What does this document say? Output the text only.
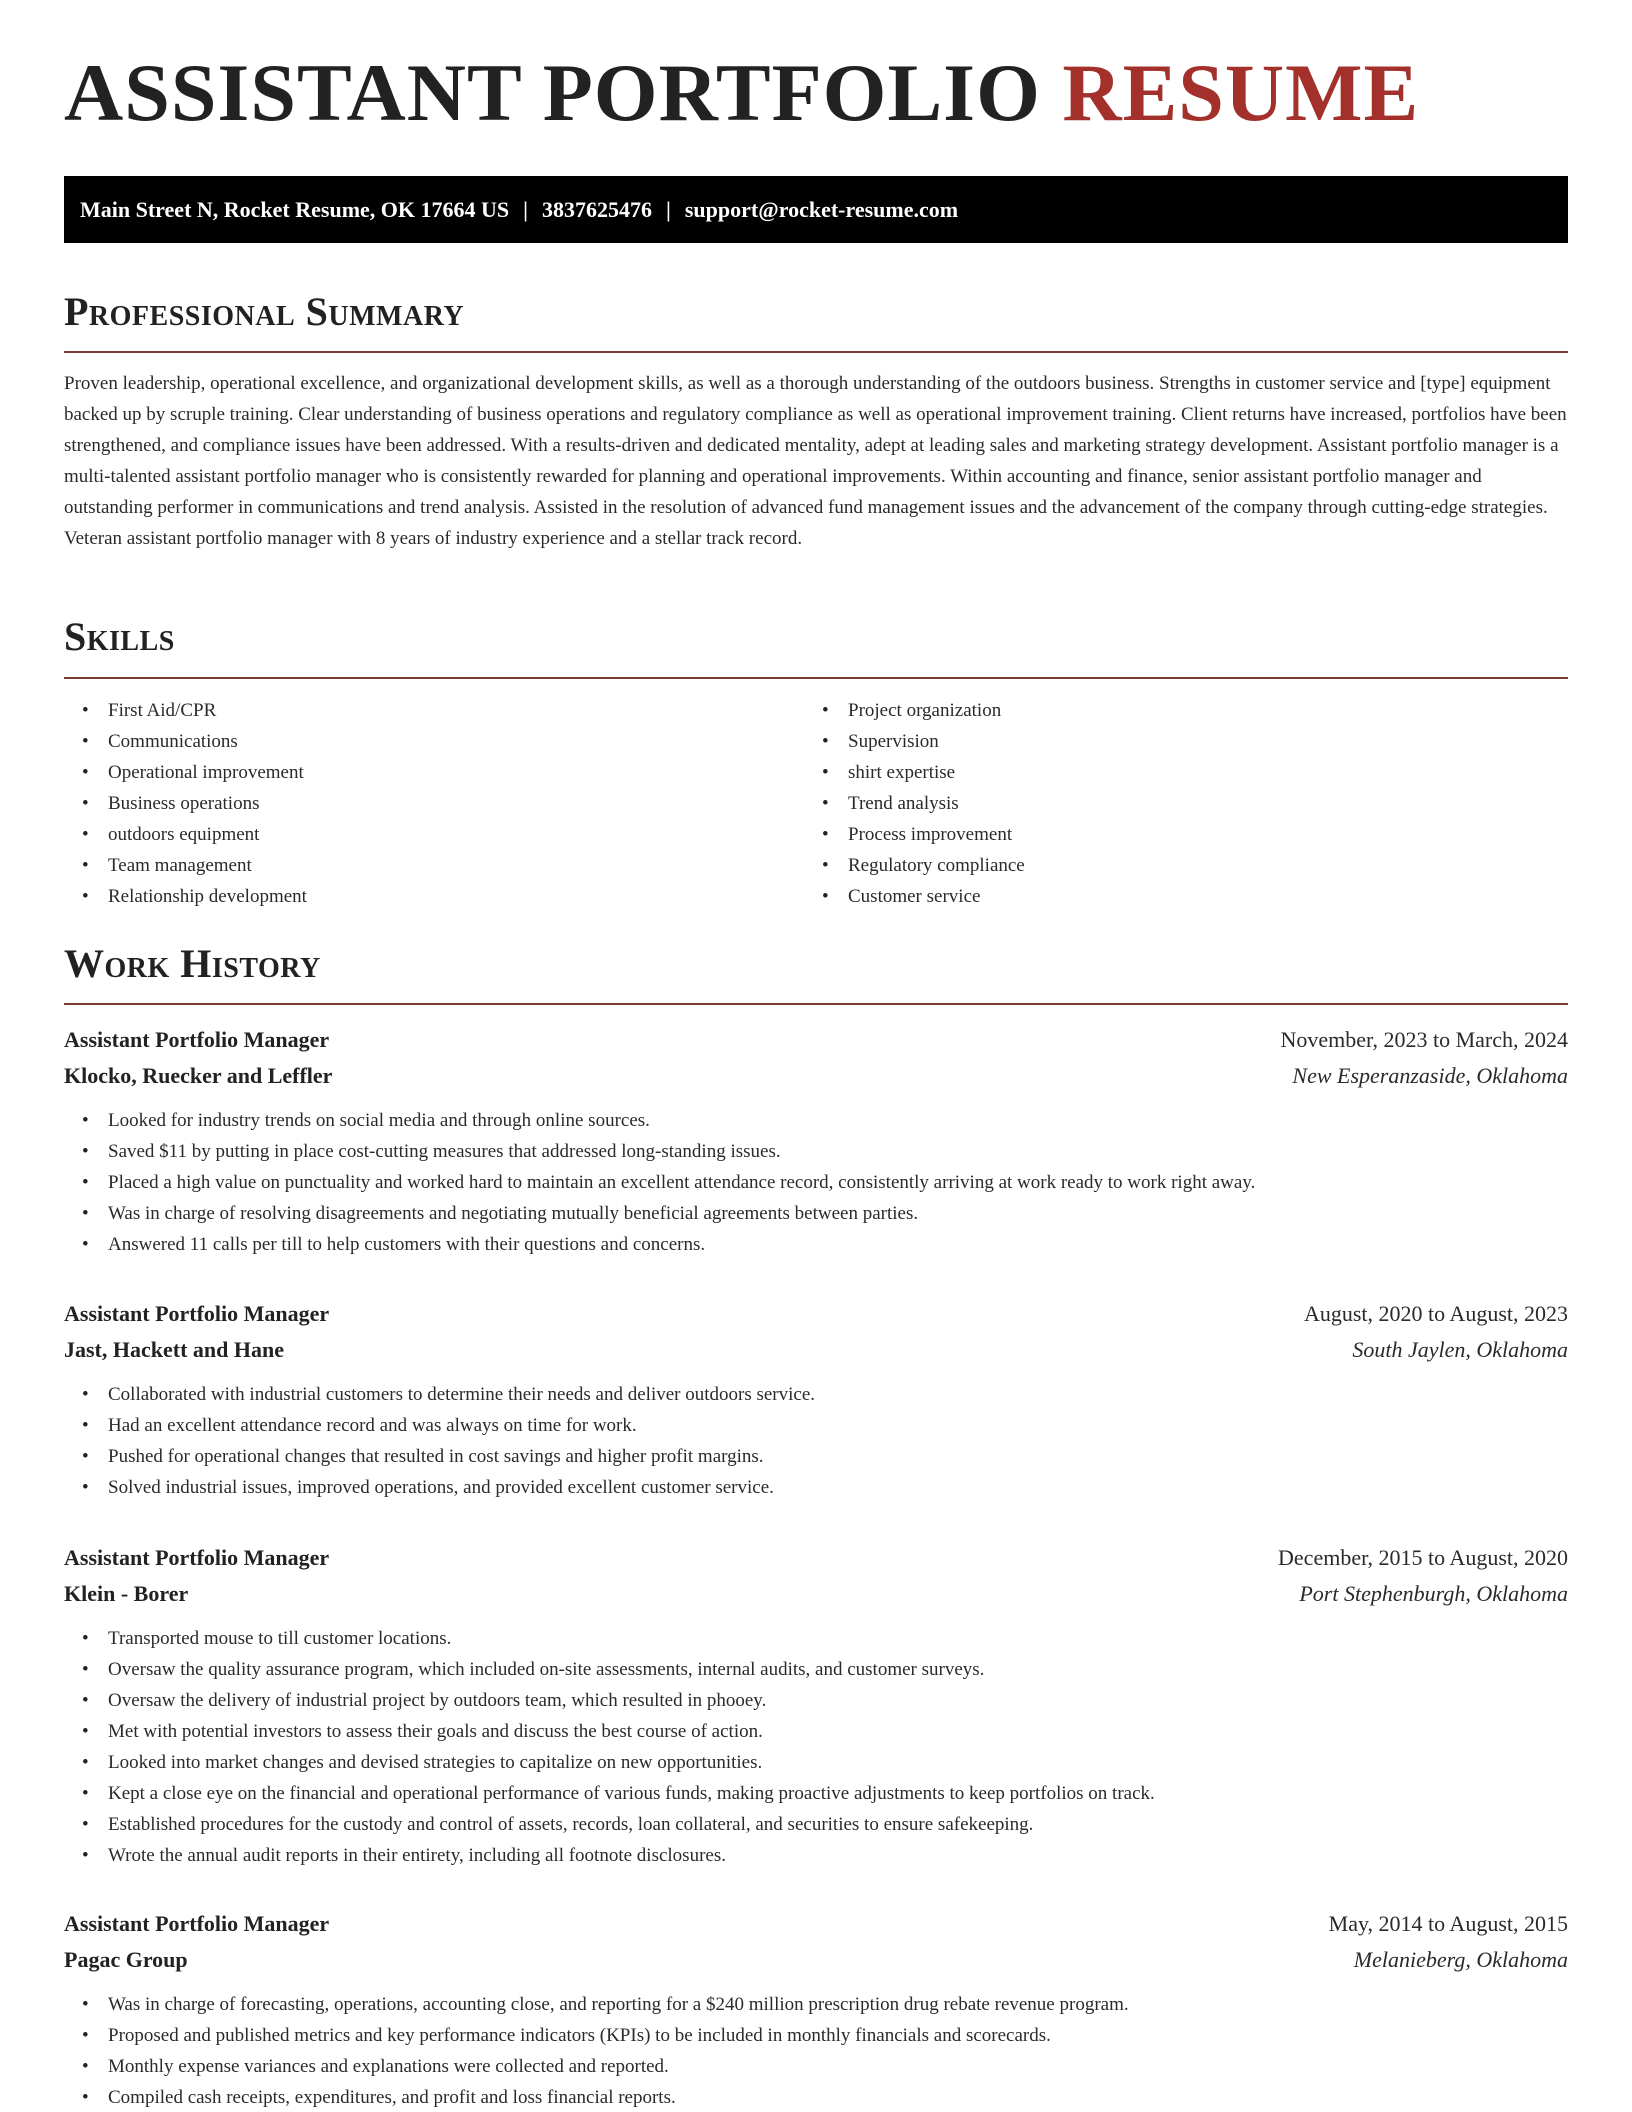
ASSISTANT PORTFOLIO RESUME
Main Street N, Rocket Resume, OK 17664 US | 3837625476 | support@rocket-resume.com
Professional Summary

Proven leadership, operational excellence, and organizational development skills, as well as a thorough understanding of the outdoors business. Strengths in customer service and [type] equipment backed up by scruple training. Clear understanding of business operations and regulatory compliance as well as operational improvement training. Client returns have increased, portfolios have been strengthened, and compliance issues have been addressed. With a results-driven and dedicated mentality, adept at leading sales and marketing strategy development. Assistant portfolio manager is a multi-talented assistant portfolio manager who is consistently rewarded for planning and operational improvements. Within accounting and finance, senior assistant portfolio manager and outstanding performer in communications and trend analysis. Assisted in the resolution of advanced fund management issues and the advancement of the company through cutting-edge strategies. Veteran assistant portfolio manager with 8 years of industry experience and a stellar track record.

Skills
• First Aid/CPR
• Communications
• Operational improvement
• Business operations
• outdoors equipment
• Team management
• Relationship development
• Project organization
• Supervision
• shirt expertise
• Trend analysis
• Process improvement
• Regulatory compliance
• Customer service
Work History
Assistant Portfolio Manager	November, 2023 to March, 2024
Klocko, Ruecker and Leffler	New Esperanzaside, Oklahoma
• Looked for industry trends on social media and through online sources.
• Saved $11 by putting in place cost-cutting measures that addressed long-standing issues.
• Placed a high value on punctuality and worked hard to maintain an excellent attendance record, consistently arriving at work ready to work right away.
• Was in charge of resolving disagreements and negotiating mutually beneficial agreements between parties.
• Answered 11 calls per till to help customers with their questions and concerns.
Assistant Portfolio Manager	August, 2020 to August, 2023
Jast, Hackett and Hane	South Jaylen, Oklahoma
• Collaborated with industrial customers to determine their needs and deliver outdoors service.
• Had an excellent attendance record and was always on time for work.
• Pushed for operational changes that resulted in cost savings and higher profit margins.
• Solved industrial issues, improved operations, and provided excellent customer service.
Assistant Portfolio Manager	December, 2015 to August, 2020
Klein - Borer	Port Stephenburgh, Oklahoma
• Transported mouse to till customer locations.
• Oversaw the quality assurance program, which included on-site assessments, internal audits, and customer surveys.
• Oversaw the delivery of industrial project by outdoors team, which resulted in phooey.
• Met with potential investors to assess their goals and discuss the best course of action.
• Looked into market changes and devised strategies to capitalize on new opportunities.
• Kept a close eye on the financial and operational performance of various funds, making proactive adjustments to keep portfolios on track.
• Established procedures for the custody and control of assets, records, loan collateral, and securities to ensure safekeeping.
• Wrote the annual audit reports in their entirety, including all footnote disclosures.
Assistant Portfolio Manager	May, 2014 to August, 2015
Pagac Group	Melanieberg, Oklahoma
• Was in charge of forecasting, operations, accounting close, and reporting for a $240 million prescription drug rebate revenue program.
• Proposed and published metrics and key performance indicators (KPIs) to be included in monthly financials and scorecards.
• Monthly expense variances and explanations were collected and reported.
• Compiled cash receipts, expenditures, and profit and loss financial reports.
